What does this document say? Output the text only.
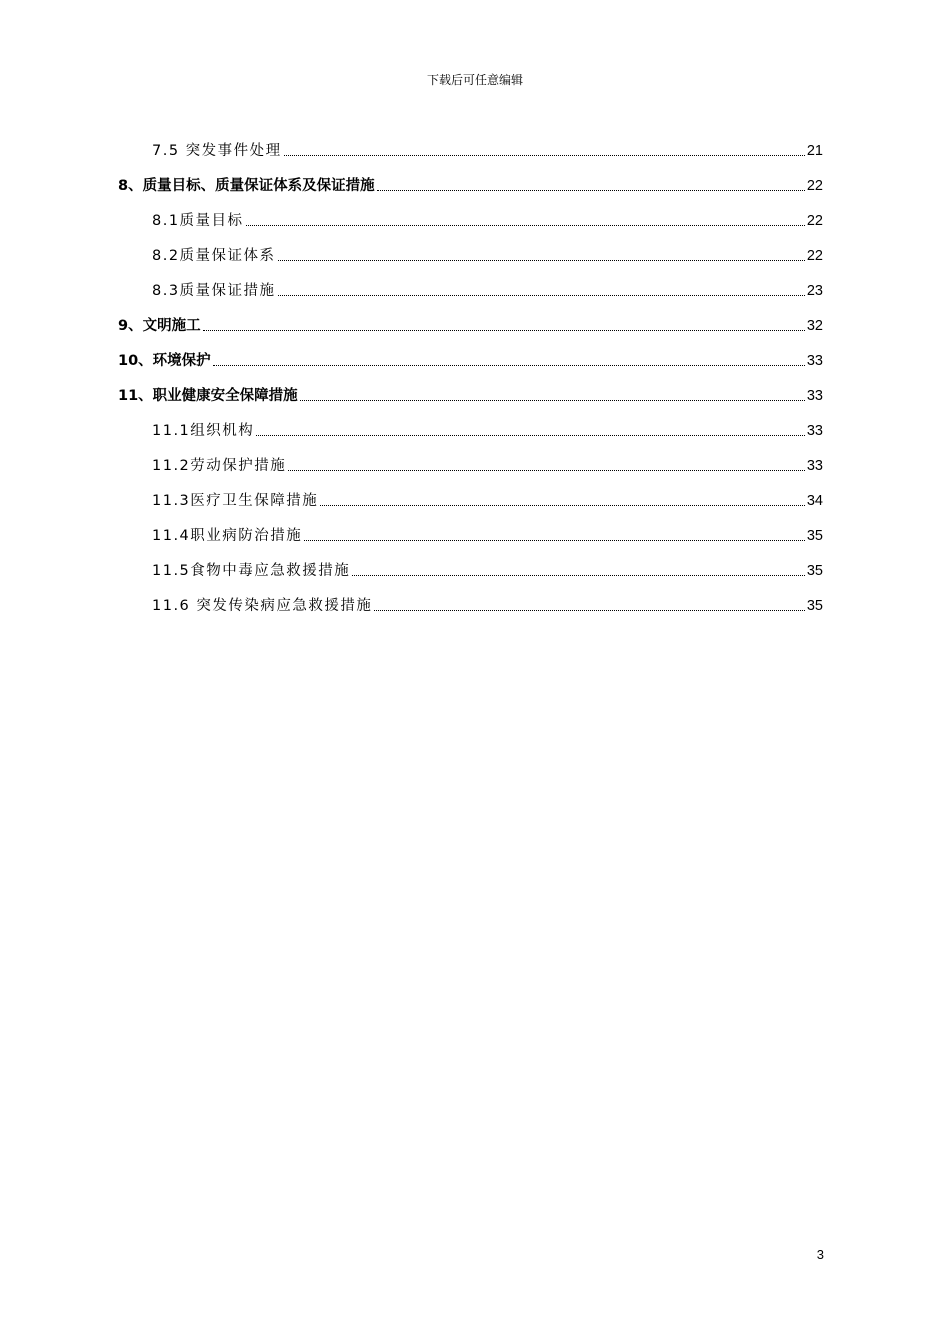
下载后可任意编辑
7.5 突发事件处理	21
8、质量目标、质量保证体系及保证措施	22
8.1质量目标	22
8.2质量保证体系	22
8.3质量保证措施	23
9、文明施工	32
10、环境保护	33
11、职业健康安全保障措施	33
11.1组织机构	33
11.2劳动保护措施	33
11.3医疗卫生保障措施	34
11.4职业病防治措施	35
11.5食物中毒应急救援措施	35
11.6 突发传染病应急救援措施	35
3
